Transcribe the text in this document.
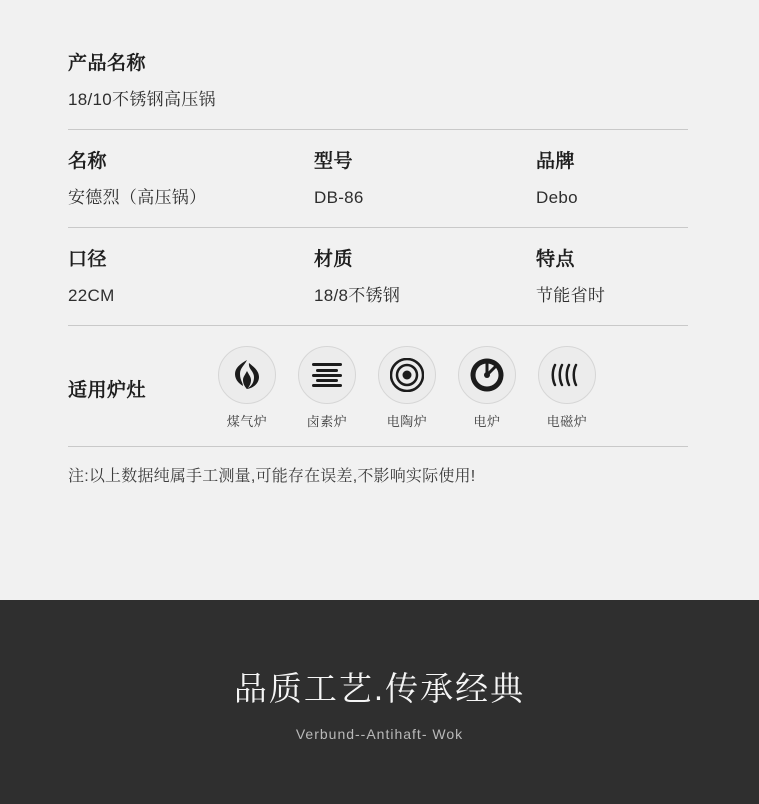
产品名称
18/10不锈钢高压锅
名称
安德烈（高压锅）
型号
DB-86
品牌
Debo
口径
22CM
材质
18/8不锈钢
特点
节能省时
适用炉灶
煤气炉	卤素炉	电陶炉	电炉	电磁炉
注:以上数据纯属手工测量,可能存在误差,不影响实际使用!
品质工艺.传承经典
Verbund--Antihaft- Wok
